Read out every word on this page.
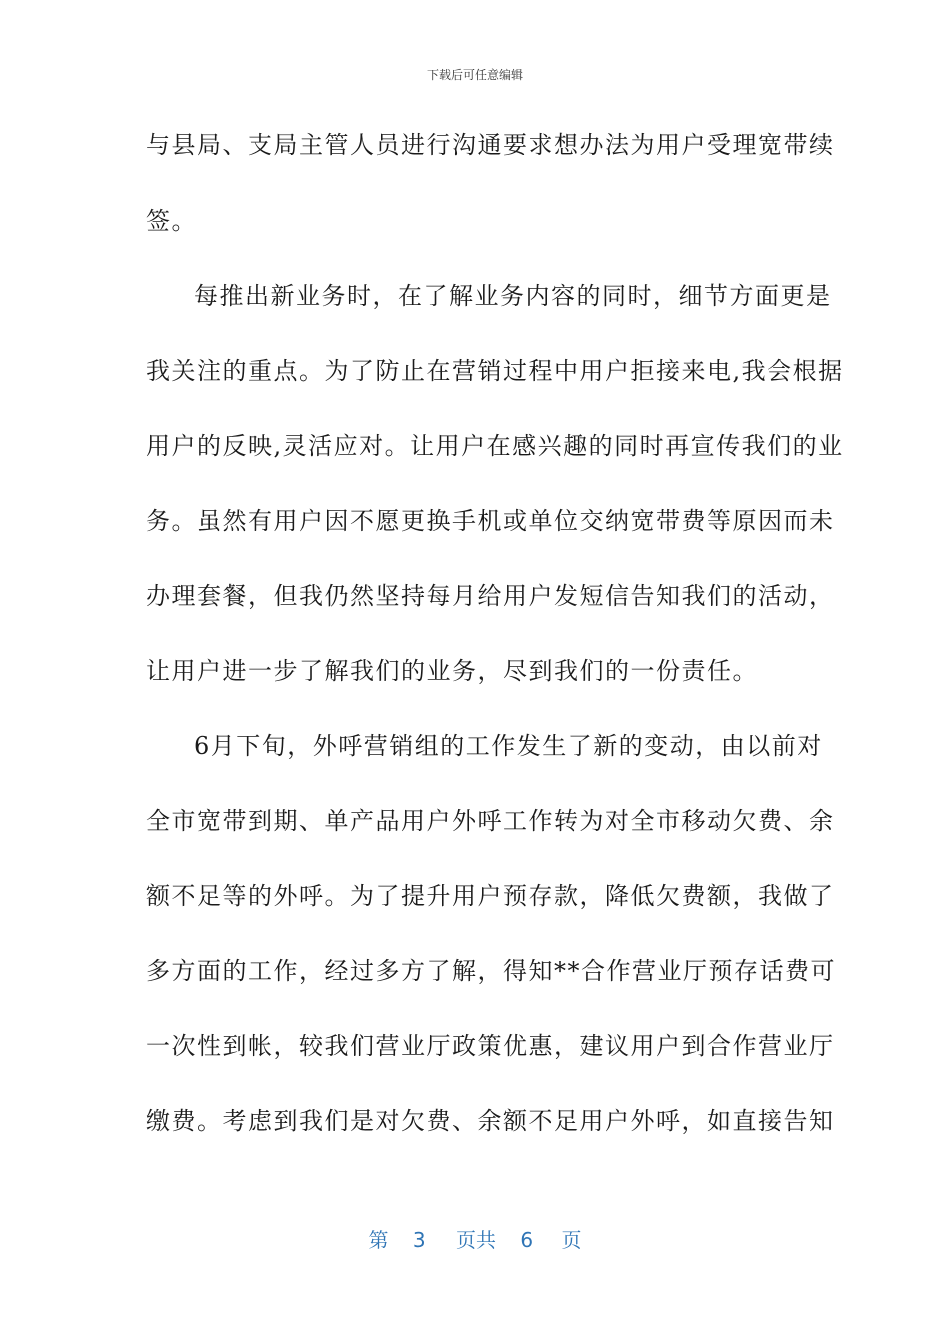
下载后可任意编辑
与县局、支局主管人员进行沟通要求想办法为用户受理宽带续
签。
每推出新业务时，在了解业务内容的同时，细节方面更是
我关注的重点。为了防止在营销过程中用户拒接来电,我会根据
用户的反映,灵活应对。让用户在感兴趣的同时再宣传我们的业
务。虽然有用户因不愿更换手机或单位交纳宽带费等原因而未
办理套餐，但我仍然坚持每月给用户发短信告知我们的活动，
让用户进一步了解我们的业务，尽到我们的一份责任。
6月下旬，外呼营销组的工作发生了新的变动，由以前对
全市宽带到期、单产品用户外呼工作转为对全市移动欠费、余
额不足等的外呼。为了提升用户预存款，降低欠费额，我做了
多方面的工作，经过多方了解，得知**合作营业厅预存话费可
一次性到帐，较我们营业厅政策优惠，建议用户到合作营业厅
缴费。考虑到我们是对欠费、余额不足用户外呼，如直接告知
第 3 页共 6 页
